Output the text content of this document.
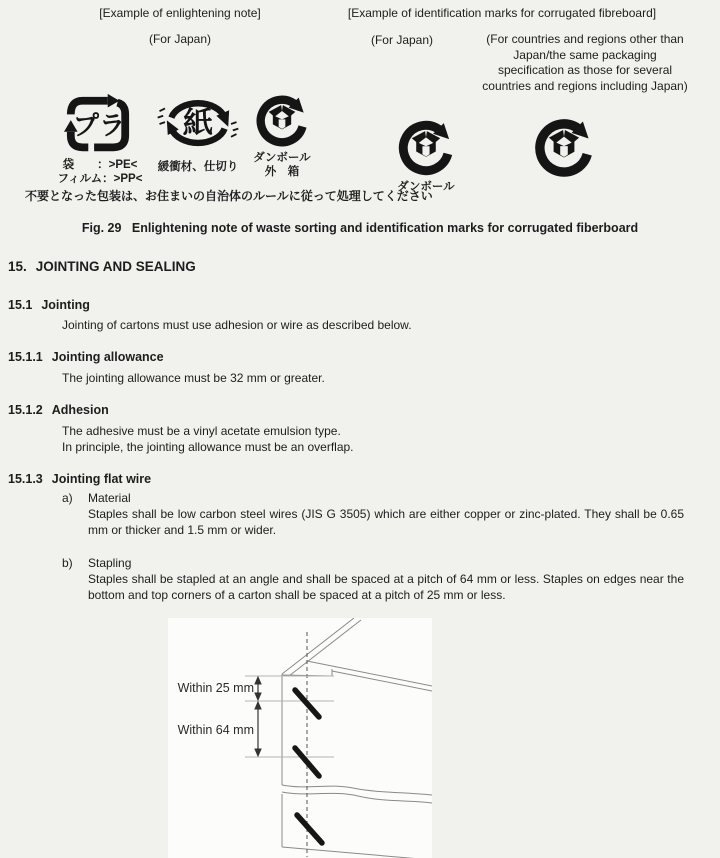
[Example of enlightening note]
(For Japan)
[Example of identification marks for corrugated fibreboard]
(For Japan)	(For countries and regions other than Japan/the same packaging specification as those for several countries and regions including Japan)
プラ
袋　　：>PE<
フィルム：>PP<
紙
緩衝材、仕切り
ダンボール
外　箱
ダンボール
不要となった包装は、お住まいの自治体のルールに従って処理してください
Fig. 29   Enlightening note of waste sorting and identification marks for corrugated fiberboard
15. JOINTING AND SEALING
15.1 Jointing
Jointing of cartons must use adhesion or wire as described below.
15.1.1 Jointing allowance
The jointing allowance must be 32 mm or greater.
15.1.2 Adhesion
The adhesive must be a vinyl acetate emulsion type.
In principle, the jointing allowance must be an overflap.
15.1.3 Jointing flat wire
a)	Material
Staples shall be low carbon steel wires (JIS G 3505) which are either copper or zinc-plated. They shall be 0.65 mm or thicker and 1.5 mm or wider.
b)	Stapling
Staples shall be stapled at an angle and shall be spaced at a pitch of 64 mm or less. Staples on edges near the bottom and top corners of a carton shall be spaced at a pitch of 25 mm or less.
Within 25 mm
Within 64 mm
